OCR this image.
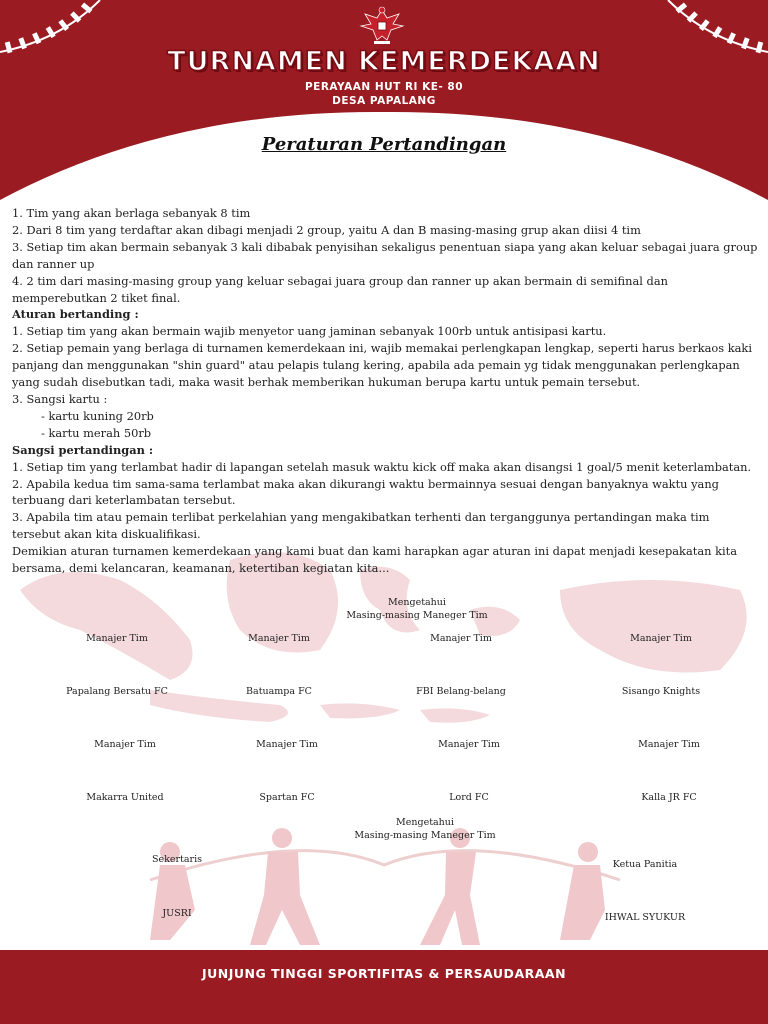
TURNAMEN KEMERDEKAAN
PERAYAAN HUT RI KE- 80
DESA PAPALANG
Peraturan Pertandingan
1. Tim yang akan berlaga sebanyak 8 tim
2. Dari 8 tim yang terdaftar akan dibagi menjadi 2 group, yaitu A dan B masing-masing grup akan diisi 4 tim
3. Setiap tim akan bermain sebanyak 3 kali dibabak penyisihan sekaligus penentuan siapa yang akan keluar sebagai juara group dan ranner up
4. 2 tim dari masing-masing group yang keluar sebagai juara group dan ranner up akan bermain di semifinal dan memperebutkan 2 tiket final.
Aturan bertanding :
1. Setiap tim yang akan bermain wajib menyetor uang jaminan sebanyak 100rb untuk antisipasi kartu.
2. Setiap pemain yang berlaga di turnamen kemerdekaan ini, wajib memakai perlengkapan lengkap, seperti harus berkaos kaki panjang dan menggunakan "shin guard" atau pelapis tulang kering, apabila ada pemain yg tidak menggunakan perlengkapan yang sudah disebutkan tadi, maka wasit berhak memberikan hukuman berupa kartu untuk pemain tersebut.
3. Sangsi kartu :
- kartu kuning 20rb
- kartu merah 50rb
Sangsi pertandingan :
1. Setiap tim yang terlambat hadir di lapangan setelah masuk waktu kick off maka akan disangsi 1 goal/5 menit keterlambatan.
2. Apabila kedua tim sama-sama terlambat maka akan dikurangi waktu bermainnya sesuai dengan banyaknya waktu yang terbuang dari keterlambatan tersebut.
3. Apabila tim atau pemain terlibat perkelahian yang mengakibatkan terhenti dan terganggunya pertandingan maka tim tersebut akan kita diskualifikasi.
Demikian aturan turnamen kemerdekaan yang kami buat dan kami harapkan agar aturan ini dapat menjadi kesepakatan kita bersama, demi kelancaran, keamanan, ketertiban kegiatan kita...
Mengetahui
Masing-masing Maneger Tim
Manajer Tim	Manajer Tim	Manajer Tim	Manajer Tim
Papalang Bersatu FC	Batuampa FC	FBI Belang-belang	Sisango Knights
Manajer Tim	Manajer Tim	Manajer Tim	Manajer Tim
Makarra United	Spartan FC	Lord FC	Kalla JR FC
Mengetahui
Masing-masing Maneger Tim
Sekertaris
JUSRI
Ketua Panitia
IHWAL SYUKUR
JUNJUNG TINGGI SPORTIFITAS & PERSAUDARAAN
